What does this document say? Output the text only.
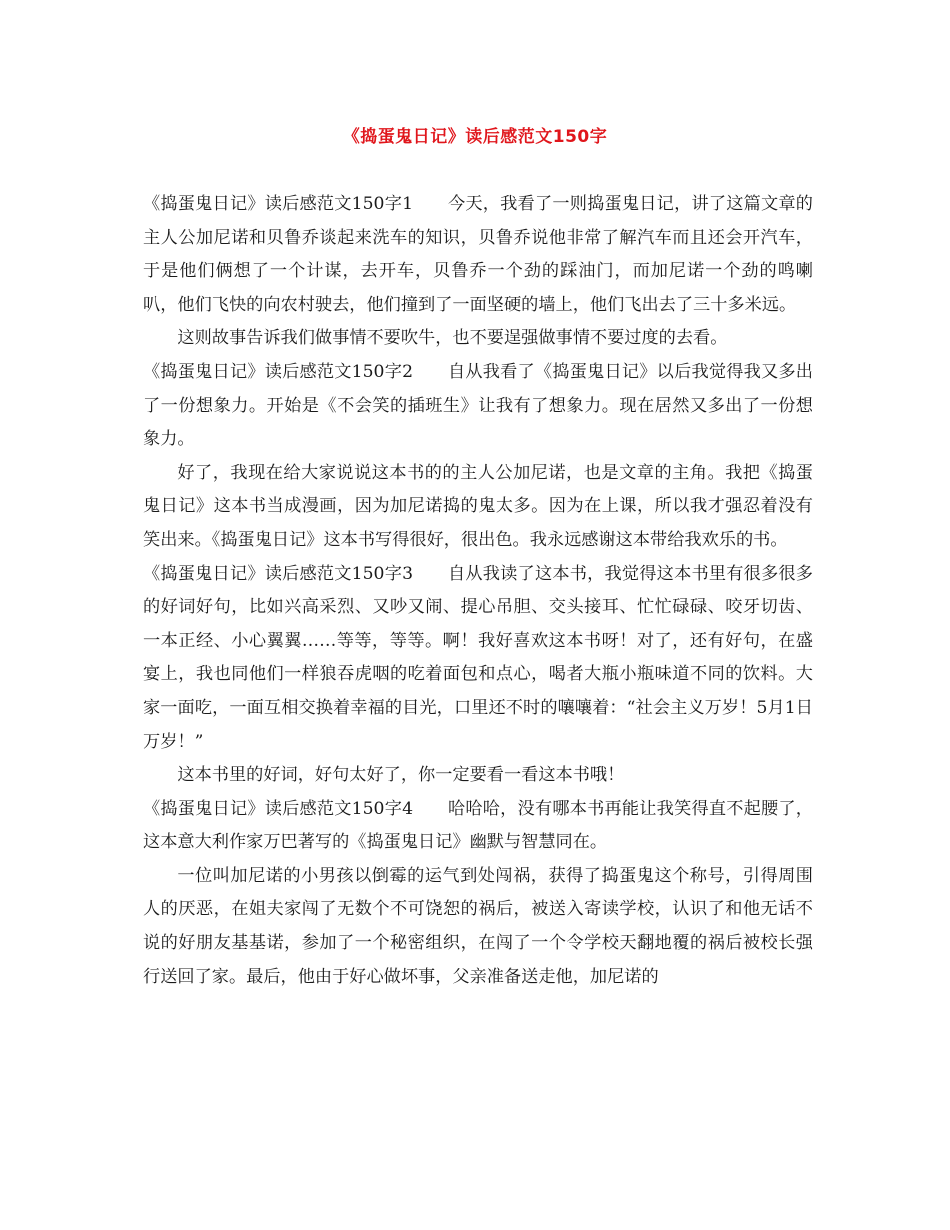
《捣蛋鬼日记》读后感范文150字

《捣蛋鬼日记》读后感范文150字1　　今天，我看了一则捣蛋鬼日记，讲了这篇文章的主人公加尼诺和贝鲁乔谈起来洗车的知识，贝鲁乔说他非常了解汽车而且还会开汽车，于是他们俩想了一个计谋，去开车，贝鲁乔一个劲的踩油门，而加尼诺一个劲的鸣喇叭，他们飞快的向农村驶去，他们撞到了一面坚硬的墙上，他们飞出去了三十多米远。

这则故事告诉我们做事情不要吹牛，也不要逞强做事情不要过度的去看。

《捣蛋鬼日记》读后感范文150字2　　自从我看了《捣蛋鬼日记》以后我觉得我又多出了一份想象力。开始是《不会笑的插班生》让我有了想象力。现在居然又多出了一份想象力。

好了，我现在给大家说说这本书的的主人公加尼诺，也是文章的主角。我把《捣蛋鬼日记》这本书当成漫画，因为加尼诺捣的鬼太多。因为在上课，所以我才强忍着没有笑出来。《捣蛋鬼日记》这本书写得很好，很出色。我永远感谢这本带给我欢乐的书。

《捣蛋鬼日记》读后感范文150字3　　自从我读了这本书，我觉得这本书里有很多很多的好词好句，比如兴高采烈、又吵又闹、提心吊胆、交头接耳、忙忙碌碌、咬牙切齿、一本正经、小心翼翼……等等，等等。啊！我好喜欢这本书呀！对了，还有好句，在盛宴上，我也同他们一样狼吞虎咽的吃着面包和点心，喝者大瓶小瓶味道不同的饮料。大家一面吃，一面互相交换着幸福的目光，口里还不时的嚷嚷着：“社会主义万岁！5月1日万岁！”

这本书里的好词，好句太好了，你一定要看一看这本书哦！

《捣蛋鬼日记》读后感范文150字4　　哈哈哈，没有哪本书再能让我笑得直不起腰了，这本意大利作家万巴著写的《捣蛋鬼日记》幽默与智慧同在。

一位叫加尼诺的小男孩以倒霉的运气到处闯祸，获得了捣蛋鬼这个称号，引得周围人的厌恶，在姐夫家闯了无数个不可饶恕的祸后，被送入寄读学校，认识了和他无话不说的好朋友基基诺，参加了一个秘密组织，在闯了一个令学校天翻地覆的祸后被校长强行送回了家。最后，他由于好心做坏事，父亲准备送走他，加尼诺的
